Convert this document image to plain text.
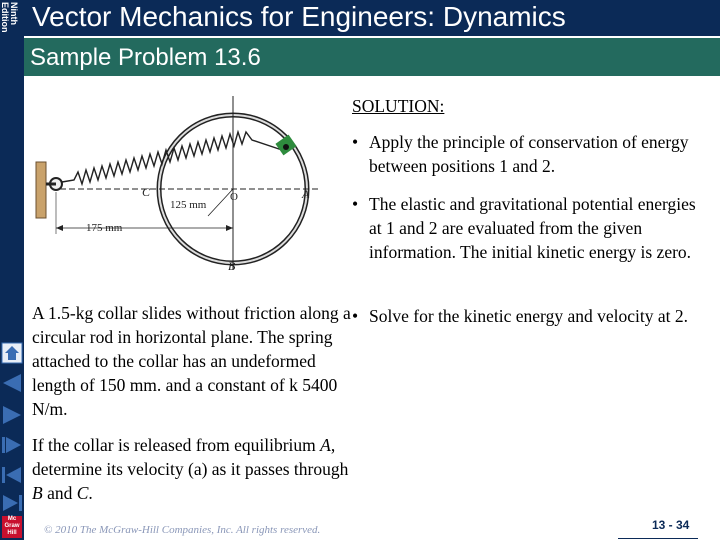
Ninth
Edition
Mc
Graw
Hill
Vector Mechanics for Engineers: Dynamics
Sample Problem 13.6
C	A
B
O
125 mm
175 mm
SOLUTION:
• Apply the principle of conservation of energy between positions 1 and 2.
• The elastic and gravitational potential energies at 1 and 2 are evaluated from the given information. The initial kinetic energy is zero.
• Solve for the kinetic energy and velocity at 2.

A 1.5-kg collar slides without friction along a circular rod in horizontal plane. The spring attached to the collar has an undeformed length of 150 mm. and a constant of k 5400 N/m.

If the collar is released from equilibrium A, determine its velocity (a) as it passes through B and C.

© 2010 The McGraw-Hill Companies, Inc. All rights reserved.	13 - 34
